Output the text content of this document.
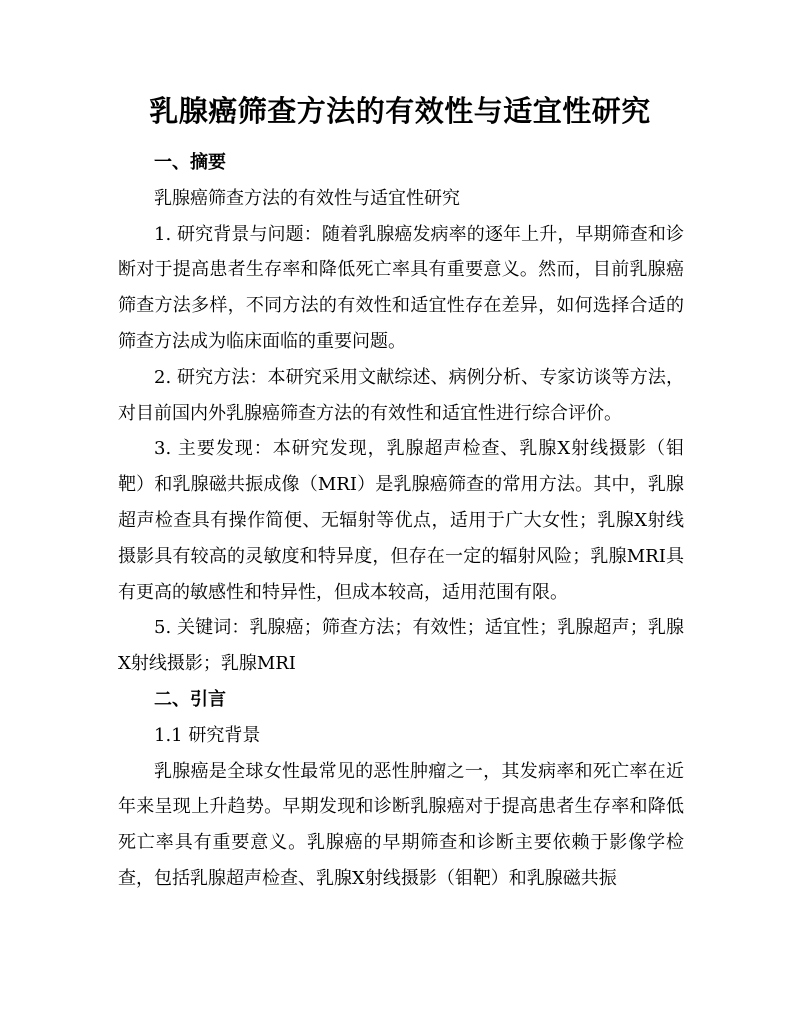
乳腺癌筛查方法的有效性与适宜性研究
一、摘要

乳腺癌筛查方法的有效性与适宜性研究

1. 研究背景与问题：随着乳腺癌发病率的逐年上升，早期筛查和诊断对于提高患者生存率和降低死亡率具有重要意义。然而，目前乳腺癌筛查方法多样，不同方法的有效性和适宜性存在差异，如何选择合适的筛查方法成为临床面临的重要问题。

2. 研究方法：本研究采用文献综述、病例分析、专家访谈等方法，对目前国内外乳腺癌筛查方法的有效性和适宜性进行综合评价。

3. 主要发现：本研究发现，乳腺超声检查、乳腺X射线摄影（钼靶）和乳腺磁共振成像（MRI）是乳腺癌筛查的常用方法。其中，乳腺超声检查具有操作简便、无辐射等优点，适用于广大女性；乳腺X射线摄影具有较高的灵敏度和特异度，但存在一定的辐射风险；乳腺MRI具有更高的敏感性和特异性，但成本较高，适用范围有限。

5. 关键词：乳腺癌；筛查方法；有效性；适宜性；乳腺超声；乳腺X射线摄影；乳腺MRI

二、引言

1.1 研究背景

乳腺癌是全球女性最常见的恶性肿瘤之一，其发病率和死亡率在近年来呈现上升趋势。早期发现和诊断乳腺癌对于提高患者生存率和降低死亡率具有重要意义。乳腺癌的早期筛查和诊断主要依赖于影像学检查，包括乳腺超声检查、乳腺X射线摄影（钼靶）和乳腺磁共振
